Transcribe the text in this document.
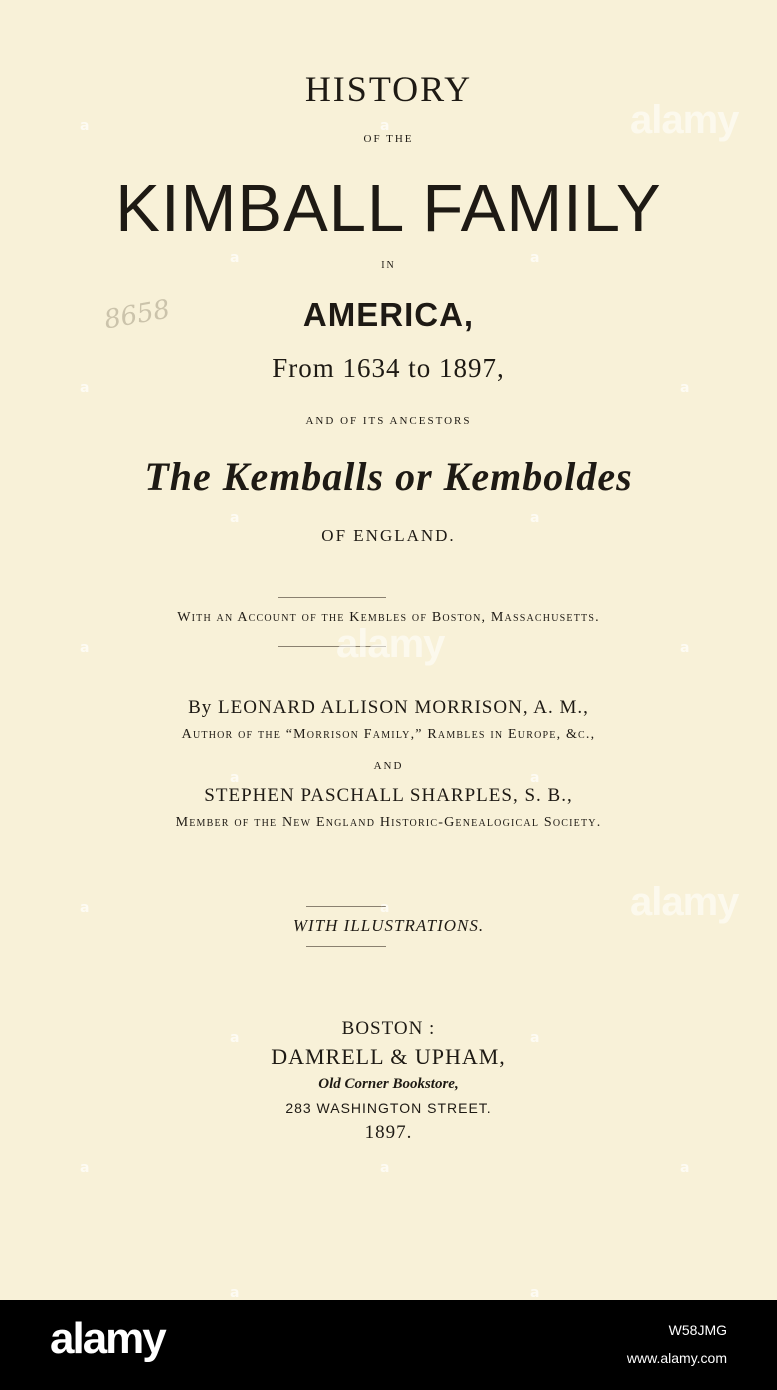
HISTORY
OF THE
KIMBALL FAMILY
IN
AMERICA,
From 1634 to 1897,
AND OF ITS ANCESTORS
The Kemballs or Kemboldes
OF ENGLAND.
With an Account of the Kembles of Boston, Massachusetts.
By LEONARD ALLISON MORRISON, A. M.,
Author of the “Morrison Family,” Rambles in Europe, &c.,
AND
STEPHEN PASCHALL SHARPLES, S. B.,
Member of the New England Historic-Genealogical Society.
WITH ILLUSTRATIONS.
BOSTON :
DAMRELL & UPHAM,
Old Corner Bookstore,
283 WASHINGTON STREET.
1897.
8658
alamy
alamy
alamy
a	a
a	a
a	a
a	a
a	a
a	a
a	a
a	a
a	a	a
a	a
alamy	W58JMG
www.alamy.com
